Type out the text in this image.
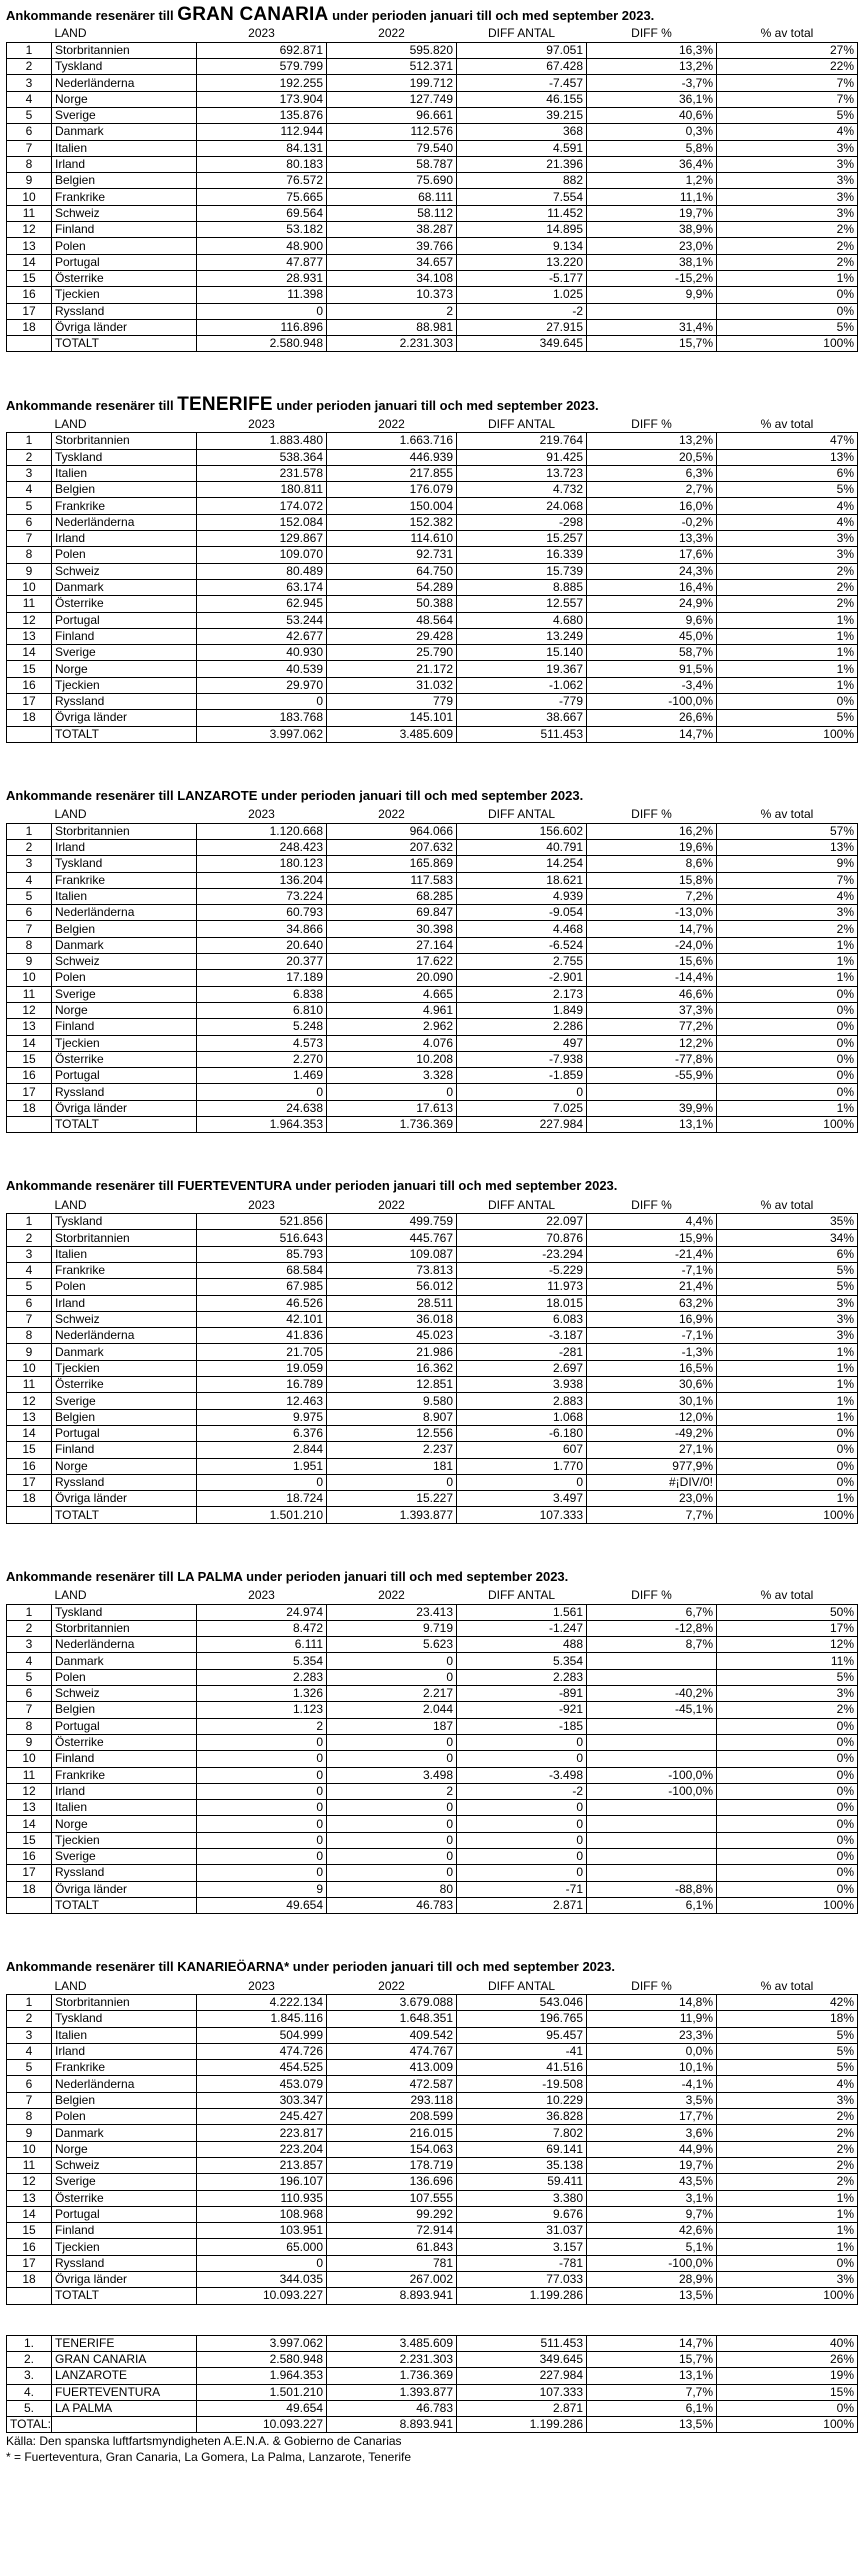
Ankommande resenärer till GRAN CANARIA under perioden januari till och med september 2023.
	LAND	2023	2022	DIFF ANTAL	DIFF %	% av total
1	Storbritannien	692.871	595.820	97.051	16,3%	27%
2	Tyskland	579.799	512.371	67.428	13,2%	22%
3	Nederländerna	192.255	199.712	-7.457	-3,7%	7%
4	Norge	173.904	127.749	46.155	36,1%	7%
5	Sverige	135.876	96.661	39.215	40,6%	5%
6	Danmark	112.944	112.576	368	0,3%	4%
7	Italien	84.131	79.540	4.591	5,8%	3%
8	Irland	80.183	58.787	21.396	36,4%	3%
9	Belgien	76.572	75.690	882	1,2%	3%
10	Frankrike	75.665	68.111	7.554	11,1%	3%
11	Schweiz	69.564	58.112	11.452	19,7%	3%
12	Finland	53.182	38.287	14.895	38,9%	2%
13	Polen	48.900	39.766	9.134	23,0%	2%
14	Portugal	47.877	34.657	13.220	38,1%	2%
15	Österrike	28.931	34.108	-5.177	-15,2%	1%
16	Tjeckien	11.398	10.373	1.025	9,9%	0%
17	Ryssland	0	2	-2		0%
18	Övriga länder	116.896	88.981	27.915	31,4%	5%
	TOTALT	2.580.948	2.231.303	349.645	15,7%	100%
Ankommande resenärer till TENERIFE under perioden januari till och med september 2023.
	LAND	2023	2022	DIFF ANTAL	DIFF %	% av total
1	Storbritannien	1.883.480	1.663.716	219.764	13,2%	47%
2	Tyskland	538.364	446.939	91.425	20,5%	13%
3	Italien	231.578	217.855	13.723	6,3%	6%
4	Belgien	180.811	176.079	4.732	2,7%	5%
5	Frankrike	174.072	150.004	24.068	16,0%	4%
6	Nederländerna	152.084	152.382	-298	-0,2%	4%
7	Irland	129.867	114.610	15.257	13,3%	3%
8	Polen	109.070	92.731	16.339	17,6%	3%
9	Schweiz	80.489	64.750	15.739	24,3%	2%
10	Danmark	63.174	54.289	8.885	16,4%	2%
11	Österrike	62.945	50.388	12.557	24,9%	2%
12	Portugal	53.244	48.564	4.680	9,6%	1%
13	Finland	42.677	29.428	13.249	45,0%	1%
14	Sverige	40.930	25.790	15.140	58,7%	1%
15	Norge	40.539	21.172	19.367	91,5%	1%
16	Tjeckien	29.970	31.032	-1.062	-3,4%	1%
17	Ryssland	0	779	-779	-100,0%	0%
18	Övriga länder	183.768	145.101	38.667	26,6%	5%
	TOTALT	3.997.062	3.485.609	511.453	14,7%	100%
Ankommande resenärer till LANZAROTE under perioden januari till och med september 2023.
	LAND	2023	2022	DIFF ANTAL	DIFF %	% av total
1	Storbritannien	1.120.668	964.066	156.602	16,2%	57%
2	Irland	248.423	207.632	40.791	19,6%	13%
3	Tyskland	180.123	165.869	14.254	8,6%	9%
4	Frankrike	136.204	117.583	18.621	15,8%	7%
5	Italien	73.224	68.285	4.939	7,2%	4%
6	Nederländerna	60.793	69.847	-9.054	-13,0%	3%
7	Belgien	34.866	30.398	4.468	14,7%	2%
8	Danmark	20.640	27.164	-6.524	-24,0%	1%
9	Schweiz	20.377	17.622	2.755	15,6%	1%
10	Polen	17.189	20.090	-2.901	-14,4%	1%
11	Sverige	6.838	4.665	2.173	46,6%	0%
12	Norge	6.810	4.961	1.849	37,3%	0%
13	Finland	5.248	2.962	2.286	77,2%	0%
14	Tjeckien	4.573	4.076	497	12,2%	0%
15	Österrike	2.270	10.208	-7.938	-77,8%	0%
16	Portugal	1.469	3.328	-1.859	-55,9%	0%
17	Ryssland	0	0	0		0%
18	Övriga länder	24.638	17.613	7.025	39,9%	1%
	TOTALT	1.964.353	1.736.369	227.984	13,1%	100%
Ankommande resenärer till FUERTEVENTURA under perioden januari till och med september 2023.
	LAND	2023	2022	DIFF ANTAL	DIFF %	% av total
1	Tyskland	521.856	499.759	22.097	4,4%	35%
2	Storbritannien	516.643	445.767	70.876	15,9%	34%
3	Italien	85.793	109.087	-23.294	-21,4%	6%
4	Frankrike	68.584	73.813	-5.229	-7,1%	5%
5	Polen	67.985	56.012	11.973	21,4%	5%
6	Irland	46.526	28.511	18.015	63,2%	3%
7	Schweiz	42.101	36.018	6.083	16,9%	3%
8	Nederländerna	41.836	45.023	-3.187	-7,1%	3%
9	Danmark	21.705	21.986	-281	-1,3%	1%
10	Tjeckien	19.059	16.362	2.697	16,5%	1%
11	Österrike	16.789	12.851	3.938	30,6%	1%
12	Sverige	12.463	9.580	2.883	30,1%	1%
13	Belgien	9.975	8.907	1.068	12,0%	1%
14	Portugal	6.376	12.556	-6.180	-49,2%	0%
15	Finland	2.844	2.237	607	27,1%	0%
16	Norge	1.951	181	1.770	977,9%	0%
17	Ryssland	0	0	0	#¡DIV/0!	0%
18	Övriga länder	18.724	15.227	3.497	23,0%	1%
	TOTALT	1.501.210	1.393.877	107.333	7,7%	100%
Ankommande resenärer till LA PALMA under perioden januari till och med september 2023.
	LAND	2023	2022	DIFF ANTAL	DIFF %	% av total
1	Tyskland	24.974	23.413	1.561	6,7%	50%
2	Storbritannien	8.472	9.719	-1.247	-12,8%	17%
3	Nederländerna	6.111	5.623	488	8,7%	12%
4	Danmark	5.354	0	5.354		11%
5	Polen	2.283	0	2.283		5%
6	Schweiz	1.326	2.217	-891	-40,2%	3%
7	Belgien	1.123	2.044	-921	-45,1%	2%
8	Portugal	2	187	-185		0%
9	Österrike	0	0	0		0%
10	Finland	0	0	0		0%
11	Frankrike	0	3.498	-3.498	-100,0%	0%
12	Irland	0	2	-2	-100,0%	0%
13	Italien	0	0	0		0%
14	Norge	0	0	0		0%
15	Tjeckien	0	0	0		0%
16	Sverige	0	0	0		0%
17	Ryssland	0	0	0		0%
18	Övriga länder	9	80	-71	-88,8%	0%
	TOTALT	49.654	46.783	2.871	6,1%	100%
Ankommande resenärer till KANARIEÖARNA* under perioden januari till och med september 2023.
	LAND	2023	2022	DIFF ANTAL	DIFF %	% av total
1	Storbritannien	4.222.134	3.679.088	543.046	14,8%	42%
2	Tyskland	1.845.116	1.648.351	196.765	11,9%	18%
3	Italien	504.999	409.542	95.457	23,3%	5%
4	Irland	474.726	474.767	-41	0,0%	5%
5	Frankrike	454.525	413.009	41.516	10,1%	5%
6	Nederländerna	453.079	472.587	-19.508	-4,1%	4%
7	Belgien	303.347	293.118	10.229	3,5%	3%
8	Polen	245.427	208.599	36.828	17,7%	2%
9	Danmark	223.817	216.015	7.802	3,6%	2%
10	Norge	223.204	154.063	69.141	44,9%	2%
11	Schweiz	213.857	178.719	35.138	19,7%	2%
12	Sverige	196.107	136.696	59.411	43,5%	2%
13	Österrike	110.935	107.555	3.380	3,1%	1%
14	Portugal	108.968	99.292	9.676	9,7%	1%
15	Finland	103.951	72.914	31.037	42,6%	1%
16	Tjeckien	65.000	61.843	3.157	5,1%	1%
17	Ryssland	0	781	-781	-100,0%	0%
18	Övriga länder	344.035	267.002	77.033	28,9%	3%
	TOTALT	10.093.227	8.893.941	1.199.286	13,5%	100%
1.	TENERIFE	3.997.062	3.485.609	511.453	14,7%	40%
2.	GRAN CANARIA	2.580.948	2.231.303	349.645	15,7%	26%
3.	LANZAROTE	1.964.353	1.736.369	227.984	13,1%	19%
4.	FUERTEVENTURA	1.501.210	1.393.877	107.333	7,7%	15%
5.	LA PALMA	49.654	46.783	2.871	6,1%	0%
TOTAL:		10.093.227	8.893.941	1.199.286	13,5%	100%
Källa: Den spanska luftfartsmyndigheten A.E.N.A. & Gobierno de Canarias
* = Fuerteventura, Gran Canaria, La Gomera, La Palma, Lanzarote, Tenerife
